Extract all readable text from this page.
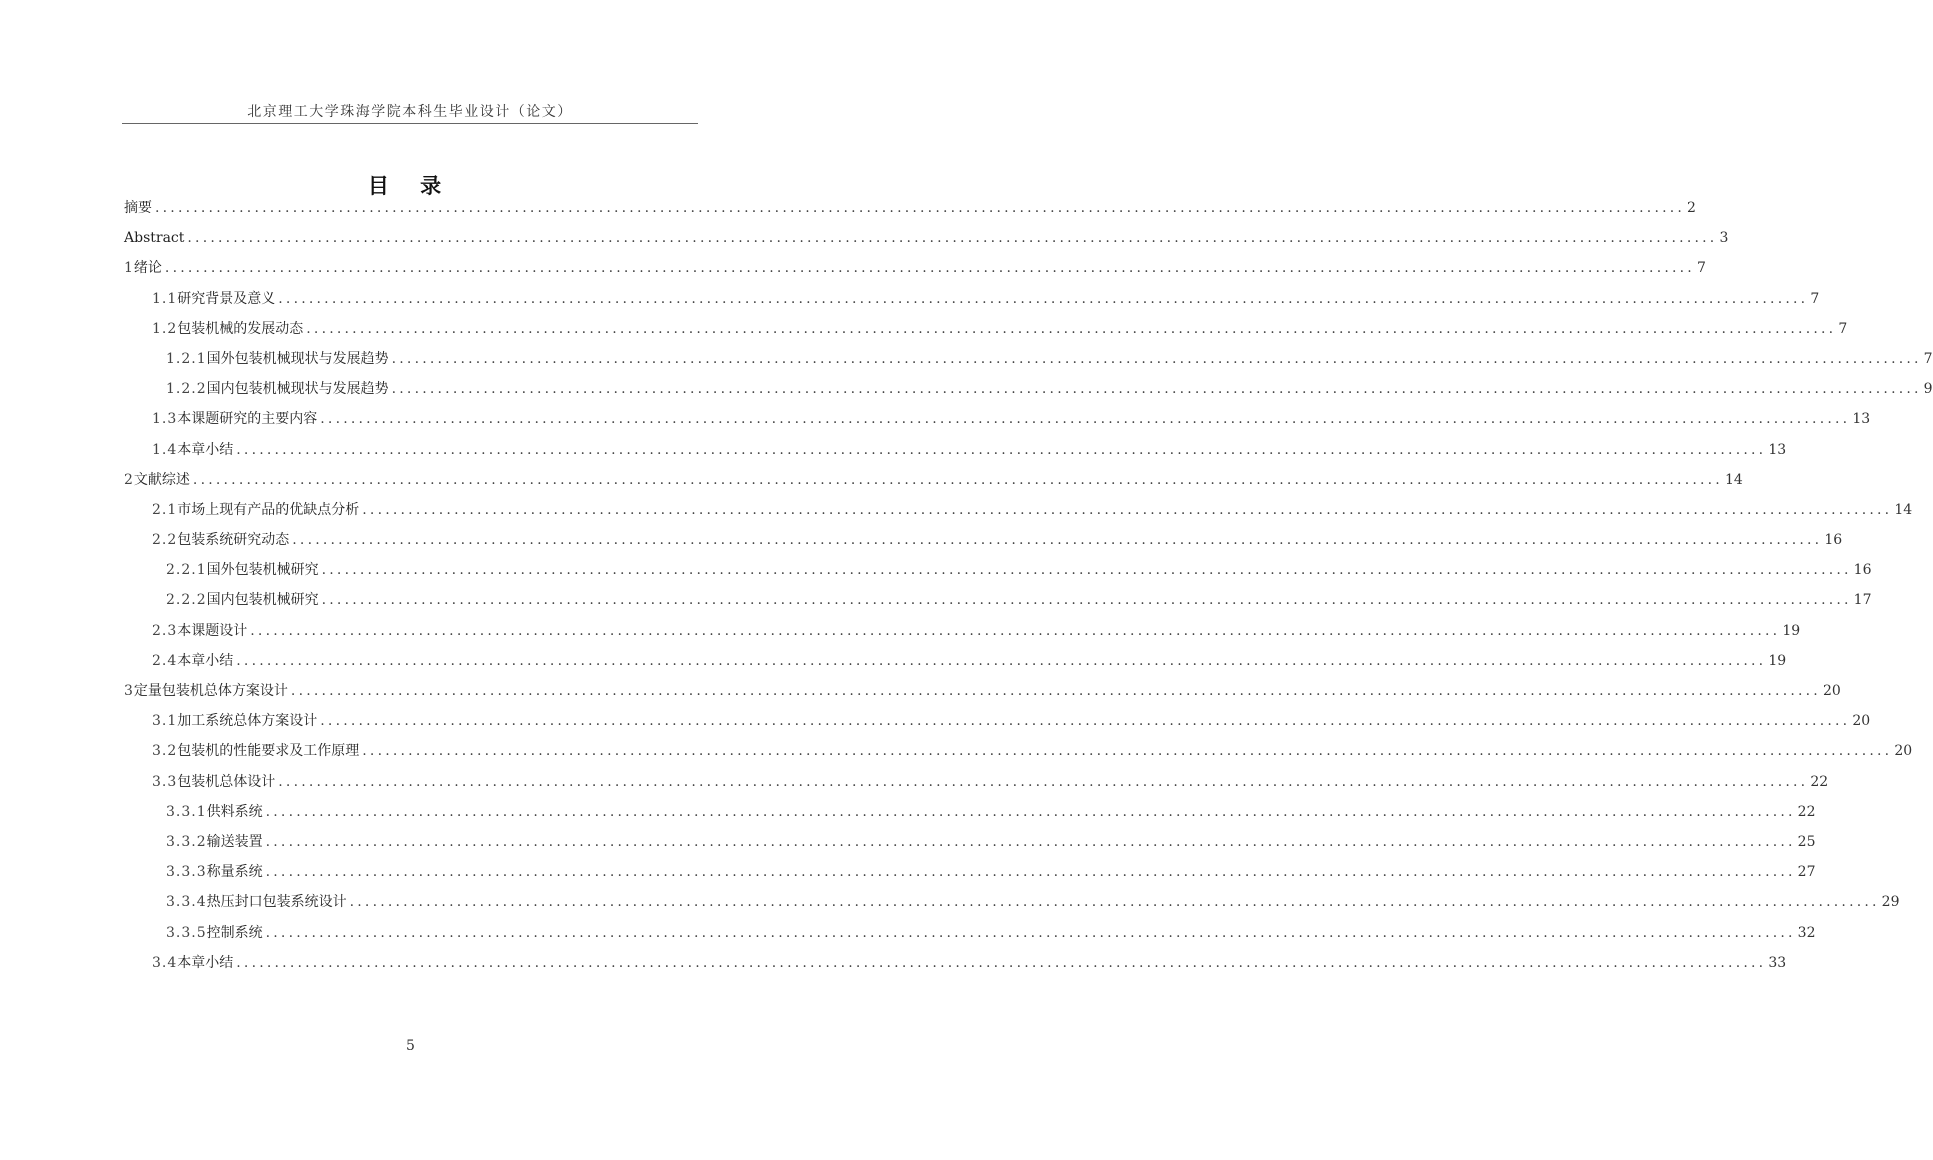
北京理工大学珠海学院本科生毕业设计（论文）
目 录
摘要 ........................................................................................................................................................................................................ 2
Abstract ........................................................................................................................................................................................................ 3
1 绪论 ........................................................................................................................................................................................................ 7
1.1 研究背景及意义 ........................................................................................................................................................................................................ 7
1.2 包装机械的发展动态 ........................................................................................................................................................................................................ 7
1.2.1 国外包装机械现状与发展趋势 ........................................................................................................................................................................................................ 7
1.2.2 国内包装机械现状与发展趋势 ........................................................................................................................................................................................................ 9
1.3 本课题研究的主要内容 ........................................................................................................................................................................................................ 13
1.4 本章小结 ........................................................................................................................................................................................................ 13
2 文献综述 ........................................................................................................................................................................................................ 14
2.1 市场上现有产品的优缺点分析 ........................................................................................................................................................................................................ 14
2.2 包装系统研究动态 ........................................................................................................................................................................................................ 16
2.2.1 国外包装机械研究 ........................................................................................................................................................................................................ 16
2.2.2 国内包装机械研究 ........................................................................................................................................................................................................ 17
2.3 本课题设计 ........................................................................................................................................................................................................ 19
2.4 本章小结 ........................................................................................................................................................................................................ 19
3 定量包装机总体方案设计 ........................................................................................................................................................................................................ 20
3.1 加工系统总体方案设计 ........................................................................................................................................................................................................ 20
3.2 包装机的性能要求及工作原理 ........................................................................................................................................................................................................ 20
3.3 包装机总体设计 ........................................................................................................................................................................................................ 22
3.3.1 供料系统 ........................................................................................................................................................................................................ 22
3.3.2 输送装置 ........................................................................................................................................................................................................ 25
3.3.3 称量系统 ........................................................................................................................................................................................................ 27
3.3.4 热压封口包装系统设计 ........................................................................................................................................................................................................ 29
3.3.5 控制系统 ........................................................................................................................................................................................................ 32
3.4 本章小结 ........................................................................................................................................................................................................ 33
5
